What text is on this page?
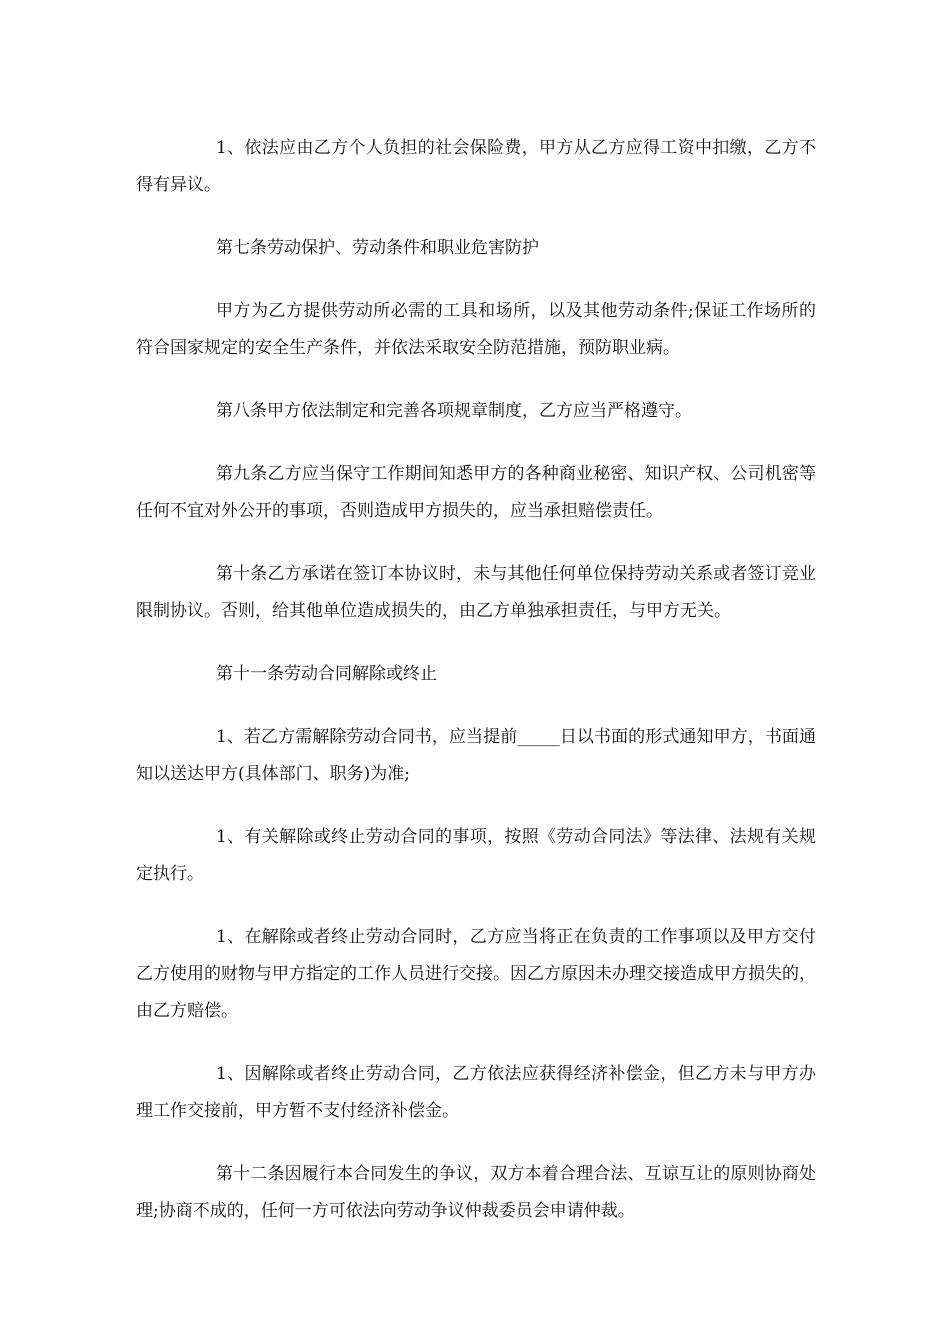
1、依法应由乙方个人负担的社会保险费，甲方从乙方应得工资中扣缴，乙方不得有异议。

第七条劳动保护、劳动条件和职业危害防护

甲方为乙方提供劳动所必需的工具和场所，以及其他劳动条件;保证工作场所的符合国家规定的安全生产条件，并依法采取安全防范措施，预防职业病。

第八条甲方依法制定和完善各项规章制度，乙方应当严格遵守。

第九条乙方应当保守工作期间知悉甲方的各种商业秘密、知识产权、公司机密等任何不宜对外公开的事项，否则造成甲方损失的，应当承担赔偿责任。

第十条乙方承诺在签订本协议时，未与其他任何单位保持劳动关系或者签订竞业限制协议。否则，给其他单位造成损失的，由乙方单独承担责任，与甲方无关。

第十一条劳动合同解除或终止

1、若乙方需解除劳动合同书，应当提前_____日以书面的形式通知甲方，书面通知以送达甲方(具体部门、职务)为准;

1、有关解除或终止劳动合同的事项，按照《劳动合同法》等法律、法规有关规定执行。

1、在解除或者终止劳动合同时，乙方应当将正在负责的工作事项以及甲方交付乙方使用的财物与甲方指定的工作人员进行交接。因乙方原因未办理交接造成甲方损失的，由乙方赔偿。

1、因解除或者终止劳动合同，乙方依法应获得经济补偿金，但乙方未与甲方办理工作交接前，甲方暂不支付经济补偿金。

第十二条因履行本合同发生的争议，双方本着合理合法、互谅互让的原则协商处理;协商不成的，任何一方可依法向劳动争议仲裁委员会申请仲裁。
